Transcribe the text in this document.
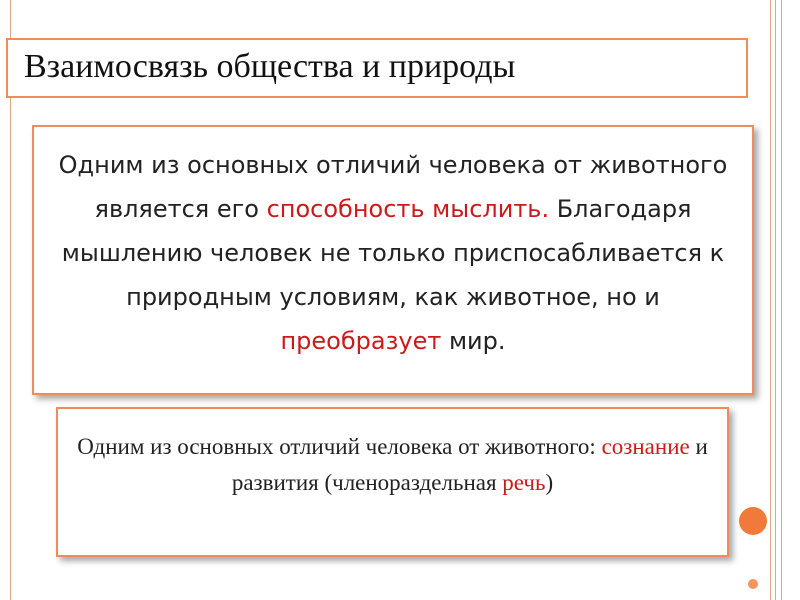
Взаимосвязь общества и природы

Одним из основных отличий человека от животного является его способность мыслить. Благодаря мышлению человек не только приспосабливается к природным условиям, как животное, но и преобразует мир.

Одним из основных отличий человека от животного: сознание и развития (членораздельная речь)
